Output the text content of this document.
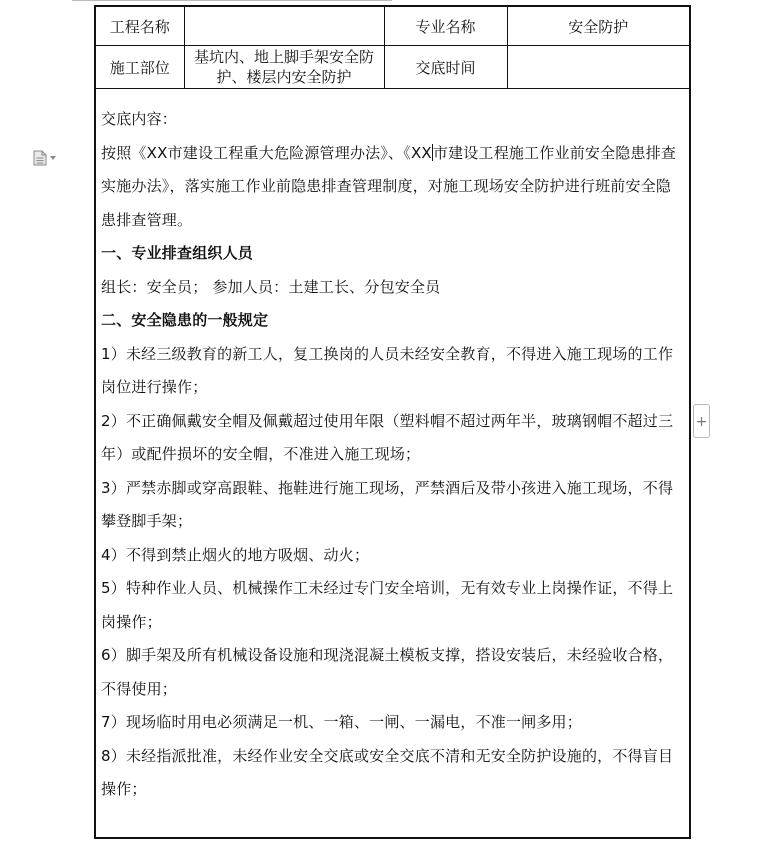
+
工程名称		专业名称	安全防护
施工部位	基坑内、地上脚手架安全防护、楼层内安全防护	交底时间	

交底内容：

按照《XX市建设工程重大危险源管理办法》、《XX市建设工程施工作业前安全隐患排查实施办法》，落实施工作业前隐患排查管理制度，对施工现场安全防护进行班前安全隐患排查管理。

一、专业排查组织人员

组长：安全员； 参加人员：土建工长、分包安全员

二、安全隐患的一般规定

1）未经三级教育的新工人，复工换岗的人员未经安全教育，不得进入施工现场的工作岗位进行操作；

2）不正确佩戴安全帽及佩戴超过使用年限（塑料帽不超过两年半，玻璃钢帽不超过三年）或配件损坏的安全帽，不准进入施工现场；

3）严禁赤脚或穿高跟鞋、拖鞋进行施工现场，严禁酒后及带小孩进入施工现场，不得攀登脚手架；

4）不得到禁止烟火的地方吸烟、动火；

5）特种作业人员、机械操作工未经过专门安全培训，无有效专业上岗操作证，不得上岗操作；

6）脚手架及所有机械设备设施和现浇混凝土模板支撑，搭设安装后，未经验收合格，不得使用；

7）现场临时用电必须满足一机、一箱、一闸、一漏电，不准一闸多用；

8）未经指派批准，未经作业安全交底或安全交底不清和无安全防护设施的，不得盲目操作；
